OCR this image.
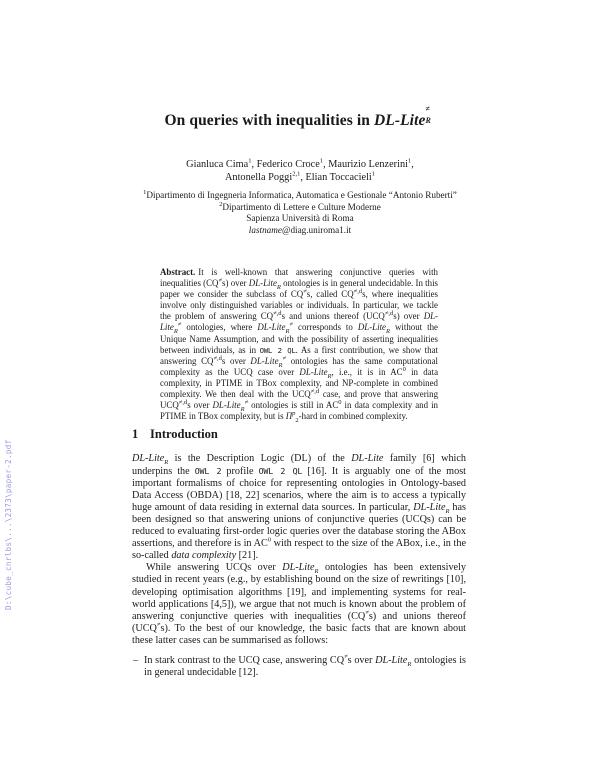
D:\cube_cnrlbs\...\2373\paper-2.pdf
On queries with inequalities in DL-Lite
≠
R
Gianluca Cima$^1$, Federico Croce$^1$, Maurizio Lenzerini$^1$,
Antonella Poggi$^{2,1}$, Elian Toccacieli$^1$
$^1$Dipartimento di Ingegneria Informatica, Automatica e Gestionale “Antonio Ruberti”
$^2$Dipartimento di Lettere e Culture Moderne
Sapienza Università di Roma
lastname@diag.uniroma1.it
Abstract. It is well-known that answering conjunctive queries with inequalities (CQ≠s) over DL-Lite$_R$ ontologies is in general undecidable. In this paper we consider the subclass of CQ≠s, called $CQ^{\ne,d}s$, where inequalities involve only distinguished variables or individuals. In particular, we tackle the problem of answering $CQ^{\ne,d}s$ and unions thereof $(UCQ^{\ne,d}s)$ over DL-Lite$_R$≠ ontologies, where DL-Lite$_R$≠ corresponds to DL-Lite$_R$ without the Unique Name Assumption, and with the possibility of asserting inequalities between individuals, as in OWL 2 QL. As a first contribution, we show that answering $CQ^{\ne,d}s$ over DL-Lite$_R$≠ ontologies has the same computational complexity as the UCQ case over DL-Lite$_R$, i.e., it is in $AC^0$ in data complexity, in PTIME in TBox complexity, and NP-complete in combined complexity. We then deal with the $UCQ^{\ne,d}$ case, and prove that answering $UCQ^{\ne,d}s$ over DL-Lite$_R$≠ ontologies is still in $AC^0$ in data complexity and in PTIME in TBox complexity, but is $\Pi^p_2$-hard in combined complexity.
1 Introduction

DL-Lite$_R$ is the Description Logic (DL) of the DL-Lite family [6] which underpins the OWL 2 profile OWL 2 QL [16]. It is arguably one of the most important formalisms of choice for representing ontologies in Ontology-based Data Access (OBDA) [18, 22] scenarios, where the aim is to access a typically huge amount of data residing in external data sources. In particular, DL-Lite$_R$ has been designed so that answering unions of conjunctive queries (UCQs) can be reduced to evaluating first-order logic queries over the database storing the ABox assertions, and therefore is in $AC^0$ with respect to the size of the ABox, i.e., in the so-called data complexity [21].

While answering UCQs over DL-Lite$_R$ ontologies has been extensively studied in recent years (e.g., by establishing bound on the size of rewritings [10], developing optimisation algorithms [19], and implementing systems for real-world applications [4,5]), we argue that not much is known about the problem of answering conjunctive queries with inequalities (CQ≠s) and unions thereof (UCQ≠s). To the best of our knowledge, the basic facts that are known about these latter cases can be summarised as follows:

– In stark contrast to the UCQ case, answering CQ≠s over DL-Lite$_R$ ontologies is in general undecidable [12].
